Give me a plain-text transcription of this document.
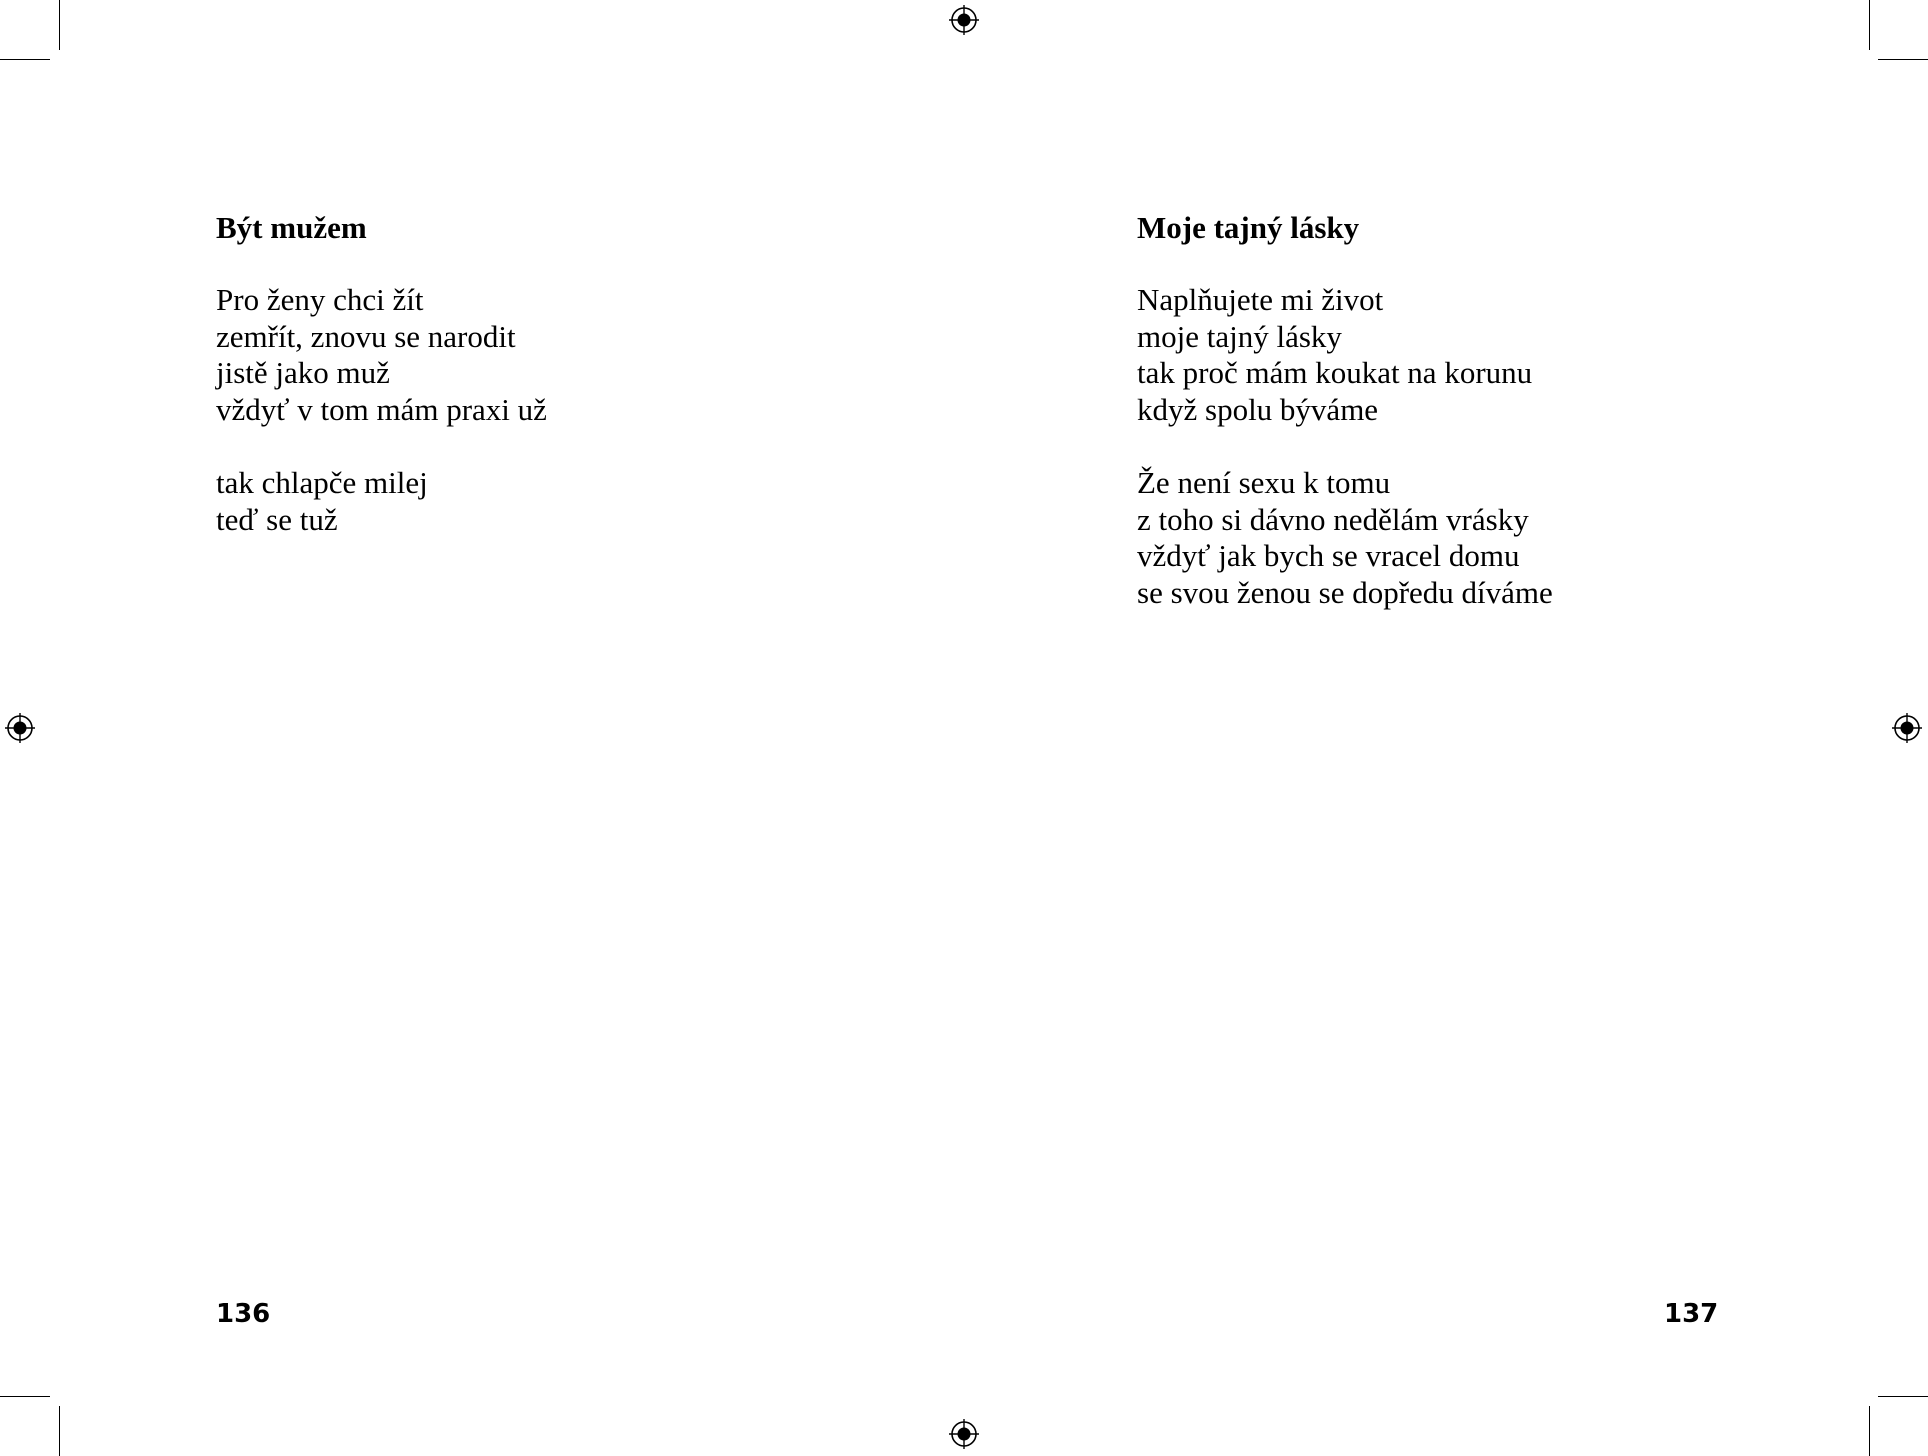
Být mužem
Pro ženy chci žít
zemřít, znovu se narodit
jistě jako muž
vždyť v tom mám praxi už
tak chlapče milej
teď se tuž
136
Moje tajný lásky
Naplňujete mi život
moje tajný lásky
tak proč mám koukat na korunu
když spolu býváme
Že není sexu k tomu
z toho si dávno nedělám vrásky
vždyť jak bych se vracel domu
se svou ženou se dopředu díváme
137
